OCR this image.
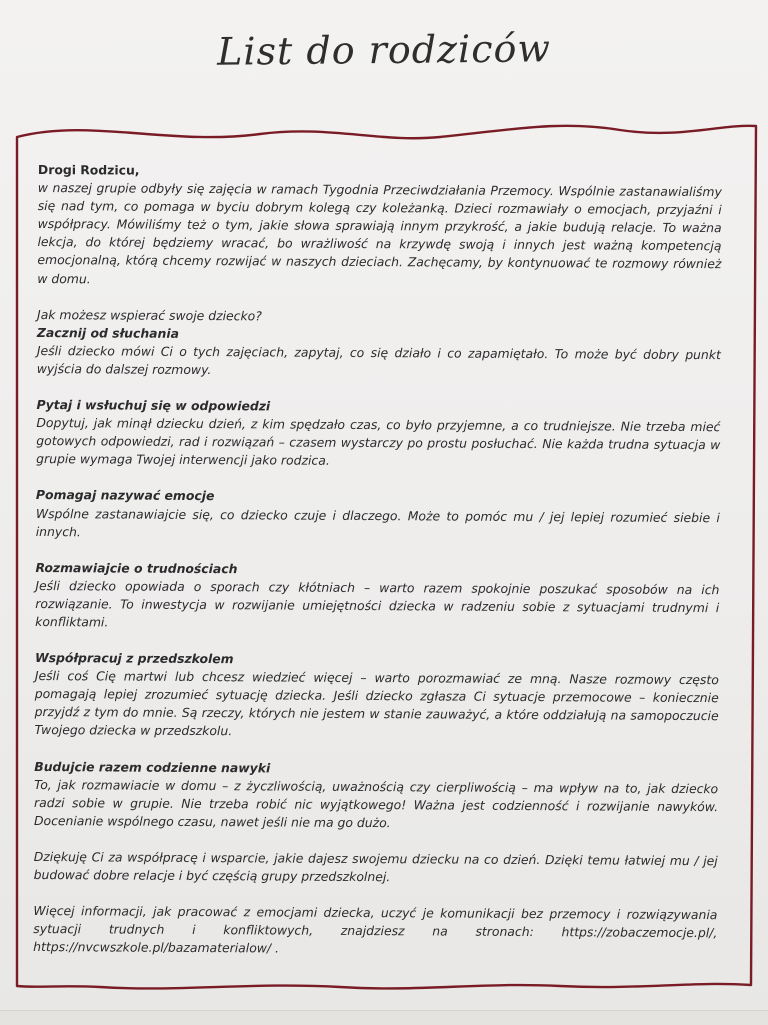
List do rodziców
Drogi Rodzicu,

w naszej grupie odbyły się zajęcia w ramach Tygodnia Przeciwdziałania Przemocy. Wspólnie zastanawialiśmy się nad tym, co pomaga w byciu dobrym kolegą czy koleżanką. Dzieci rozmawiały o emocjach, przyjaźni i współpracy. Mówiliśmy też o tym, jakie słowa sprawiają innym przykrość, a jakie budują relacje. To ważna lekcja, do której będziemy wracać, bo wrażliwość na krzywdę swoją i innych jest ważną kompetencją emocjonalną, którą chcemy rozwijać w naszych dzieciach. Zachęcamy, by kontynuować te rozmowy również w domu.

Jak możesz wspierać swoje dziecko?

Zacznij od słuchania

Jeśli dziecko mówi Ci o tych zajęciach, zapytaj, co się działo i co zapamiętało. To może być dobry punkt wyjścia do dalszej rozmowy.

Pytaj i wsłuchuj się w odpowiedzi

Dopytuj, jak minął dziecku dzień, z kim spędzało czas, co było przyjemne, a co trudniejsze. Nie trzeba mieć gotowych odpowiedzi, rad i rozwiązań – czasem wystarczy po prostu posłuchać. Nie każda trudna sytuacja w grupie wymaga Twojej interwencji jako rodzica.

Pomagaj nazywać emocje

Wspólne zastanawiajcie się, co dziecko czuje i dlaczego. Może to pomóc mu / jej lepiej rozumieć siebie i innych.

Rozmawiajcie o trudnościach

Jeśli dziecko opowiada o sporach czy kłótniach – warto razem spokojnie poszukać sposobów na ich rozwiązanie. To inwestycja w rozwijanie umiejętności dziecka w radzeniu sobie z sytuacjami trudnymi i konfliktami.

Współpracuj z przedszkolem

Jeśli coś Cię martwi lub chcesz wiedzieć więcej – warto porozmawiać ze mną. Nasze rozmowy często pomagają lepiej zrozumieć sytuację dziecka. Jeśli dziecko zgłasza Ci sytuacje przemocowe – koniecznie przyjdź z tym do mnie. Są rzeczy, których nie jestem w stanie zauważyć, a które oddziałują na samopoczucie Twojego dziecka w przedszkolu.

Budujcie razem codzienne nawyki

To, jak rozmawiacie w domu – z życzliwością, uważnością czy cierpliwością – ma wpływ na to, jak dziecko radzi sobie w grupie. Nie trzeba robić nic wyjątkowego! Ważna jest codzienność i rozwijanie nawyków. Docenianie wspólnego czasu, nawet jeśli nie ma go dużo.

Dziękuję Ci za współpracę i wsparcie, jakie dajesz swojemu dziecku na co dzień. Dzięki temu łatwiej mu / jej budować dobre relacje i być częścią grupy przedszkolnej.

Więcej informacji, jak pracować z emocjami dziecka, uczyć je komunikacji bez przemocy i rozwiązywania sytuacji trudnych i konfliktowych, znajdziesz na stronach: https://zobaczemocje.pl/, https://nvcwszkole.pl/bazamaterialow/ .
